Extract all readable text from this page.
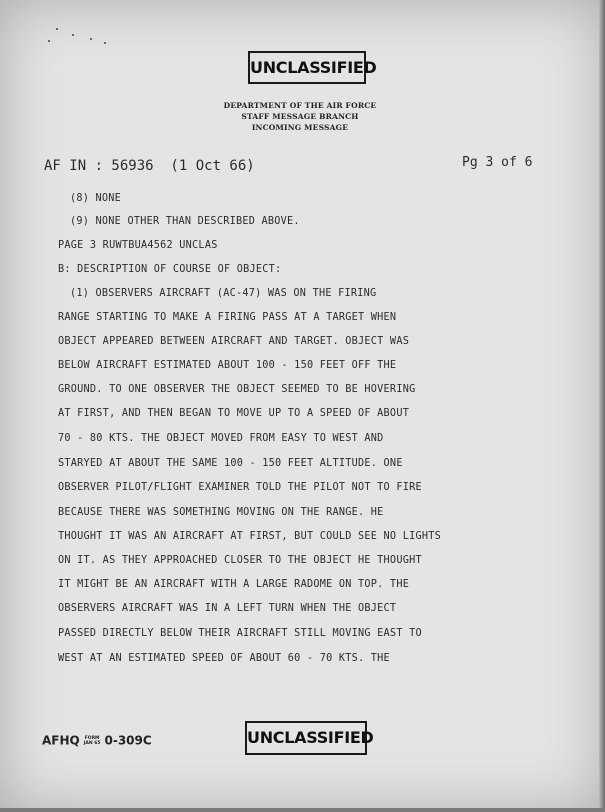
UNCLASSIFIED
DEPARTMENT OF THE AIR FORCE
STAFF MESSAGE BRANCH
INCOMING MESSAGE
AF IN : 56936  (1 Oct 66)	Pg 3 of 6
(8) NONE
(9) NONE OTHER THAN DESCRIBED ABOVE.
PAGE 3 RUWTBUA4562 UNCLAS
B: DESCRIPTION OF COURSE OF OBJECT:
(1) OBSERVERS AIRCRAFT (AC-47) WAS ON THE FIRING
RANGE STARTING TO MAKE A FIRING PASS AT A TARGET WHEN
OBJECT APPEARED BETWEEN AIRCRAFT AND TARGET. OBJECT WAS
BELOW AIRCRAFT ESTIMATED ABOUT 100 - 150 FEET OFF THE
GROUND. TO ONE OBSERVER THE OBJECT SEEMED TO BE HOVERING
AT FIRST, AND THEN BEGAN TO MOVE UP TO A SPEED OF ABOUT
70 - 80 KTS. THE OBJECT MOVED FROM EASY TO WEST AND
STARYED AT ABOUT THE SAME 100 - 150 FEET ALTITUDE. ONE
OBSERVER PILOT/FLIGHT EXAMINER TOLD THE PILOT NOT TO FIRE
BECAUSE THERE WAS SOMETHING MOVING ON THE RANGE. HE
THOUGHT IT WAS AN AIRCRAFT AT FIRST, BUT COULD SEE NO LIGHTS
ON IT. AS THEY APPROACHED CLOSER TO THE OBJECT HE THOUGHT
IT MIGHT BE AN AIRCRAFT WITH A LARGE RADOME ON TOP. THE
OBSERVERS AIRCRAFT WAS IN A LEFT TURN WHEN THE OBJECT
PASSED DIRECTLY BELOW THEIR AIRCRAFT STILL MOVING EAST TO
WEST AT AN ESTIMATED SPEED OF ABOUT 60 - 70 KTS. THE
AFHQ FORM
JAN 65 0-309C	UNCLASSIFIED
